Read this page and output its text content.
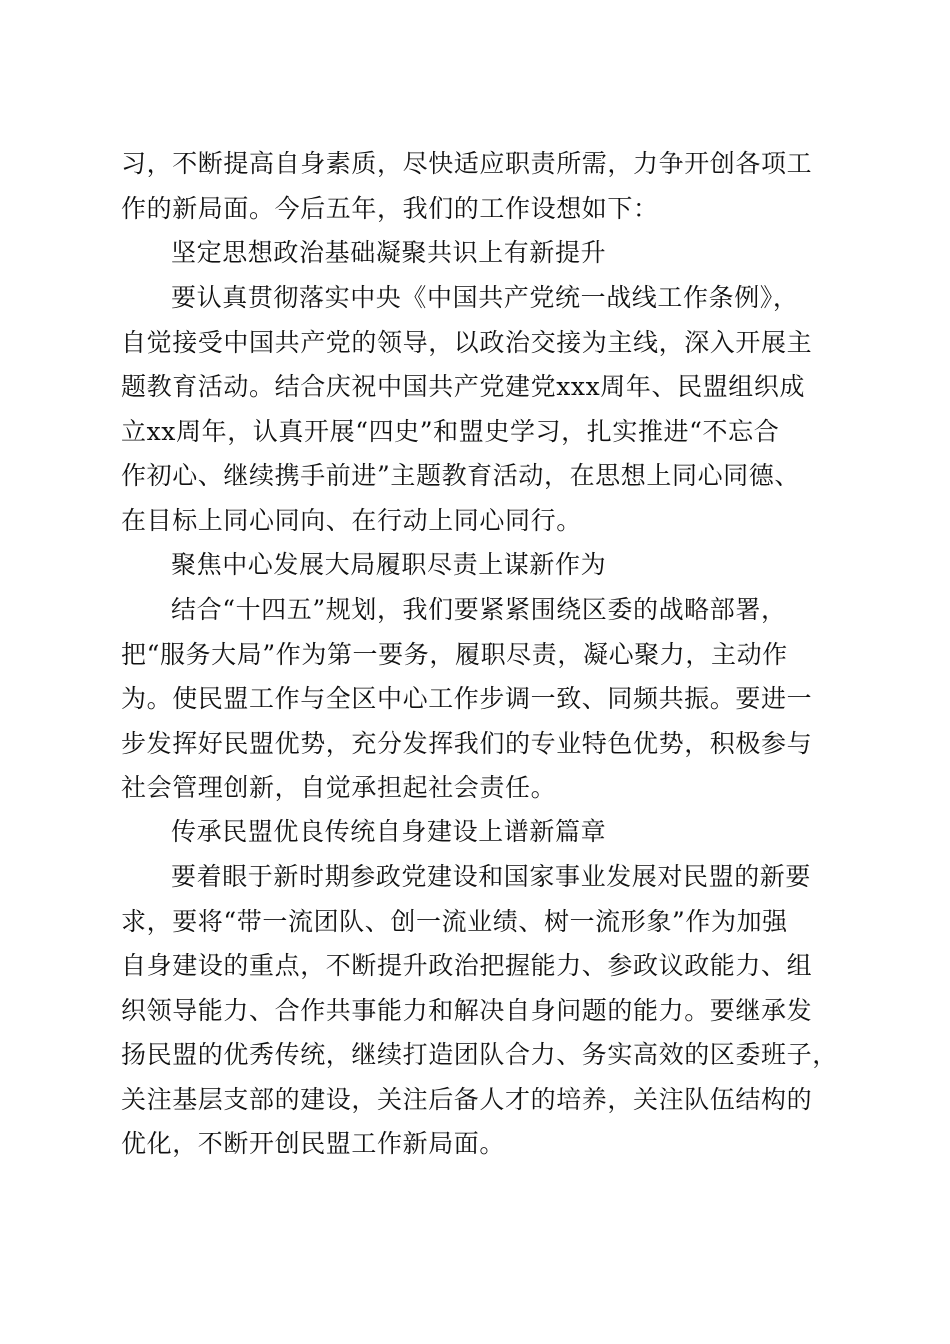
习，不断提高自身素质，尽快适应职责所需，力争开创各项工
作的新局面。今后五年，我们的工作设想如下：
坚定思想政治基础凝聚共识上有新提升
要认真贯彻落实中央《中国共产党统一战线工作条例》，
自觉接受中国共产党的领导，以政治交接为主线，深入开展主
题教育活动。结合庆祝中国共产党建党xxx周年、民盟组织成
立xx周年，认真开展“四史”和盟史学习，扎实推进“不忘合
作初心、继续携手前进”主题教育活动，在思想上同心同德、
在目标上同心同向、在行动上同心同行。
聚焦中心发展大局履职尽责上谋新作为
结合“十四五”规划，我们要紧紧围绕区委的战略部署，
把“服务大局”作为第一要务，履职尽责，凝心聚力，主动作
为。使民盟工作与全区中心工作步调一致、同频共振。要进一
步发挥好民盟优势，充分发挥我们的专业特色优势，积极参与
社会管理创新，自觉承担起社会责任。
传承民盟优良传统自身建设上谱新篇章
要着眼于新时期参政党建设和国家事业发展对民盟的新要
求，要将“带一流团队、创一流业绩、树一流形象”作为加强
自身建设的重点，不断提升政治把握能力、参政议政能力、组
织领导能力、合作共事能力和解决自身问题的能力。要继承发
扬民盟的优秀传统，继续打造团队合力、务实高效的区委班子，
关注基层支部的建设，关注后备人才的培养，关注队伍结构的
优化，不断开创民盟工作新局面。
